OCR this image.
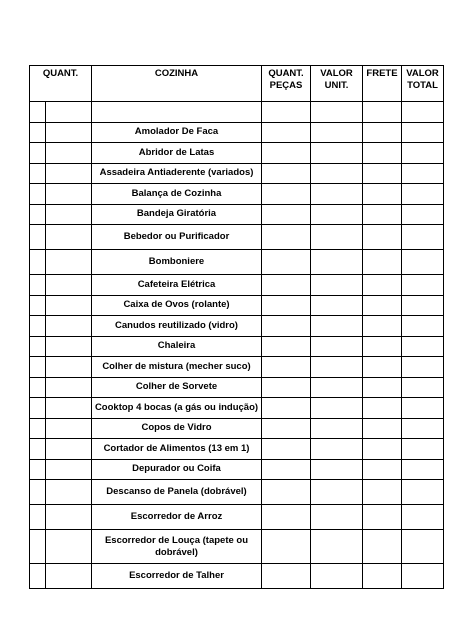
QUANT.		COZINHA	QUANT. PEÇAS	VALOR UNIT.	FRETE	VALOR TOTAL

		Amolador De Faca				
		Abridor de Latas				
		Assadeira Antiaderente (variados)				
		Balança de Cozinha				
		Bandeja Giratória				
		Bebedor ou Purificador				
		Bomboniere				
		Cafeteira Elétrica				
		Caixa de Ovos (rolante)				
		Canudos reutilizado (vidro)				
		Chaleira				
		Colher de mistura (mecher suco)				
		Colher de Sorvete				
		Cooktop 4 bocas (a gás ou indução)				
		Copos de Vidro				
		Cortador de Alimentos (13 em 1)				
		Depurador ou Coifa				
		Descanso de Panela (dobrável)				
		Escorredor de Arroz				
		Escorredor de Louça (tapete ou dobrável)				
		Escorredor de Talher				
